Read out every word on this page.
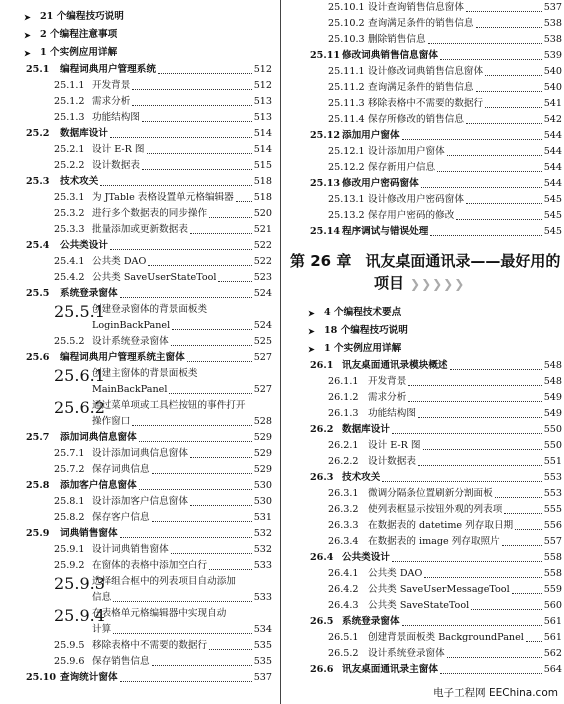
➤ 21 个编程技巧说明
➤ 2 个编程注意事项
➤ 1 个实例应用详解
25.1	编程词典用户管理系统	512
25.1.1 开发背景	512
25.1.2 需求分析	513
25.1.3 功能结构图	513
25.2	数据库设计	514
25.2.1 设计 E-R 图	514
25.2.2 设计数据表	515
25.3	技术攻关	518
25.3.1 为 JTable 表格设置单元格编辑器 518
25.3.2 进行多个数据表的同步操作	520
25.3.3 批量添加或更新数据表	521
25.4	公共类设计	522
25.4.1 公共类 DAO	522
25.4.2 公共类 SaveUserStateTool	523
25.5	系统登录窗体	524
25.5.1
创建登录窗体的背景面板类
LoginBackPanel	524
25.5.2 设计系统登录窗体	525
25.6	编程词典用户管理系统主窗体	527
25.6.1
创建主窗体的背景面板类
MainBackPanel	527
25.6.2
通过菜单项或工具栏按钮的事件打开
操作窗口	528
25.7	添加词典信息窗体	529
25.7.1 设计添加词典信息窗体	529
25.7.2 保存词典信息	529
25.8	添加客户信息窗体	530
25.8.1 设计添加客户信息窗体	530
25.8.2 保存客户信息	531
25.9	词典销售窗体	532
25.9.1 设计词典销售窗体	532
25.9.2 在窗体的表格中添加空白行	533
25.9.3
选择组合框中的列表项目自动添加
信息	533
25.9.4
在表格单元格编辑器中实现自动
计算	534
25.9.5 移除表格中不需要的数据行	535
25.9.6 保存销售信息	535
25.10 查询统计窗体	537
25.10.1 设计查询销售信息窗体	537
25.10.2 查询满足条件的销售信息	538
25.10.3 删除销售信息	538
25.11 修改词典销售信息窗体	539
25.11.1 设计修改词典销售信息窗体	540
25.11.2 查询满足条件的销售信息	540
25.11.3 移除表格中不需要的数据行	541
25.11.4 保存所修改的销售信息	542
25.12 添加用户窗体	544
25.12.1 设计添加用户窗体	544
25.12.2 保存新用户信息	544
25.13 修改用户密码窗体	544
25.13.1 设计修改用户密码窗体	545
25.13.2 保存用户密码的修改	545
25.14 程序调试与错误处理	545
第 26 章 讯友桌面通讯录——最好用的
项目 ❯❯❯❯❯
➤ 4 个编程技术要点
➤ 18 个编程技巧说明
➤ 1 个实例应用详解
26.1 讯友桌面通讯录模块概述	548
26.1.1 开发背景	548
26.1.2 需求分析	549
26.1.3 功能结构图	549
26.2 数据库设计	550
26.2.1 设计 E-R 图	550
26.2.2 设计数据表	551
26.3 技术攻关	553
26.3.1 微调分隔条位置刷新分割面板	553
26.3.2 使列表框显示按钮外观的列表项	555
26.3.3 在数据表的 datetime 列存取日期	556
26.3.4 在数据表的 image 列存取照片	557
26.4 公共类设计	558
26.4.1 公共类 DAO	558
26.4.2 公共类 SaveUserMessageTool	559
26.4.3 公共类 SaveStateTool	560
26.5 系统登录窗体	561
26.5.1 创建背景面板类 BackgroundPanel 561
26.5.2 设计系统登录窗体	562
26.6 讯友桌面通讯录主窗体	564
电子工程网 EEChina.com
